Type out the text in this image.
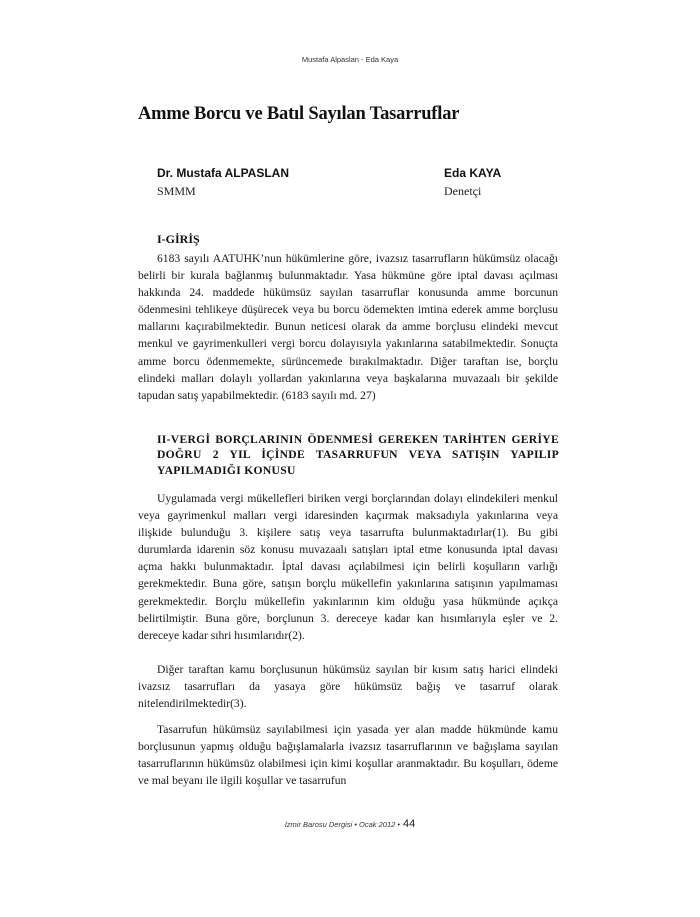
Mustafa Alpaslan - Eda Kaya
Amme Borcu ve Batıl Sayılan Tasarruflar
Dr. Mustafa ALPASLAN	Eda KAYA
SMMM	Denetçi
I-GİRİŞ

6183 sayılı AATUHK’nun hükümlerine göre, ivazsız tasarrufların hükümsüz olacağı belirli bir kurala bağlanmış bulunmaktadır. Yasa hükmüne göre iptal davası açılması hakkında 24. maddede hükümsüz sayılan tasarruflar konusunda amme borcunun ödenmesini tehlikeye düşürecek veya bu borcu ödemekten imtina ederek amme borçlusu mallarını kaçırabilmektedir. Bunun neticesi olarak da amme borçlusu elindeki mevcut menkul ve gayrimenkulleri vergi borcu dolayısıyla yakınlarına satabilmektedir. Sonuçta amme borcu ödenmemekte, sürüncemede bırakılmaktadır. Diğer taraftan ise, borçlu elindeki malları dolaylı yollardan yakınlarına veya başkalarına muvazaalı bir şekilde tapudan satış yapabilmektedir. (6183 sayılı md. 27)

II-VERGİ BORÇLARININ ÖDENMESİ GEREKEN TARİHTEN GERİYE DOĞRU 2 YIL İÇİNDE TASARRUFUN VEYA SATIŞIN YAPILIP YAPILMADIĞI KONUSU

Uygulamada vergi mükellefleri biriken vergi borçlarından dolayı elindekileri menkul veya gayrimenkul malları vergi idaresinden kaçırmak maksadıyla yakınlarına veya ilişkide bulunduğu 3. kişilere satış veya tasarrufta bulunmaktadırlar(1). Bu gibi durumlarda idarenin söz konusu muvazaalı satışları iptal etme konusunda iptal davası açma hakkı bulunmaktadır. İptal davası açılabilmesi için belirli koşulların varlığı gerekmektedir. Buna göre, satışın borçlu mükellefin yakınlarına satışının yapılmaması gerekmektedir. Borçlu mükellefin yakınlarının kim olduğu yasa hükmünde açıkça belirtilmiştir. Buna göre, borçlunun 3. dereceye kadar kan hısımlarıyla eşler ve 2. dereceye kadar sıhri hısımlarıdır(2).

Diğer taraftan kamu borçlusunun hükümsüz sayılan bir kısım satış harici elindeki ivazsız tasarrufları da yasaya göre hükümsüz bağış ve tasarruf olarak nitelendirilmektedir(3).

Tasarrufun hükümsüz sayılabilmesi için yasada yer alan madde hükmünde kamu borçlusunun yapmış olduğu bağışlamalarla ivazsız tasarruflarının ve bağışlama sayılan tasarruflarının hükümsüz olabilmesi için kimi koşullar aranmaktadır. Bu koşulları, ödeme ve mal beyanı ile ilgili koşullar ve tasarrufun

İzmir Barosu Dergisi • Ocak 2012 • 44
